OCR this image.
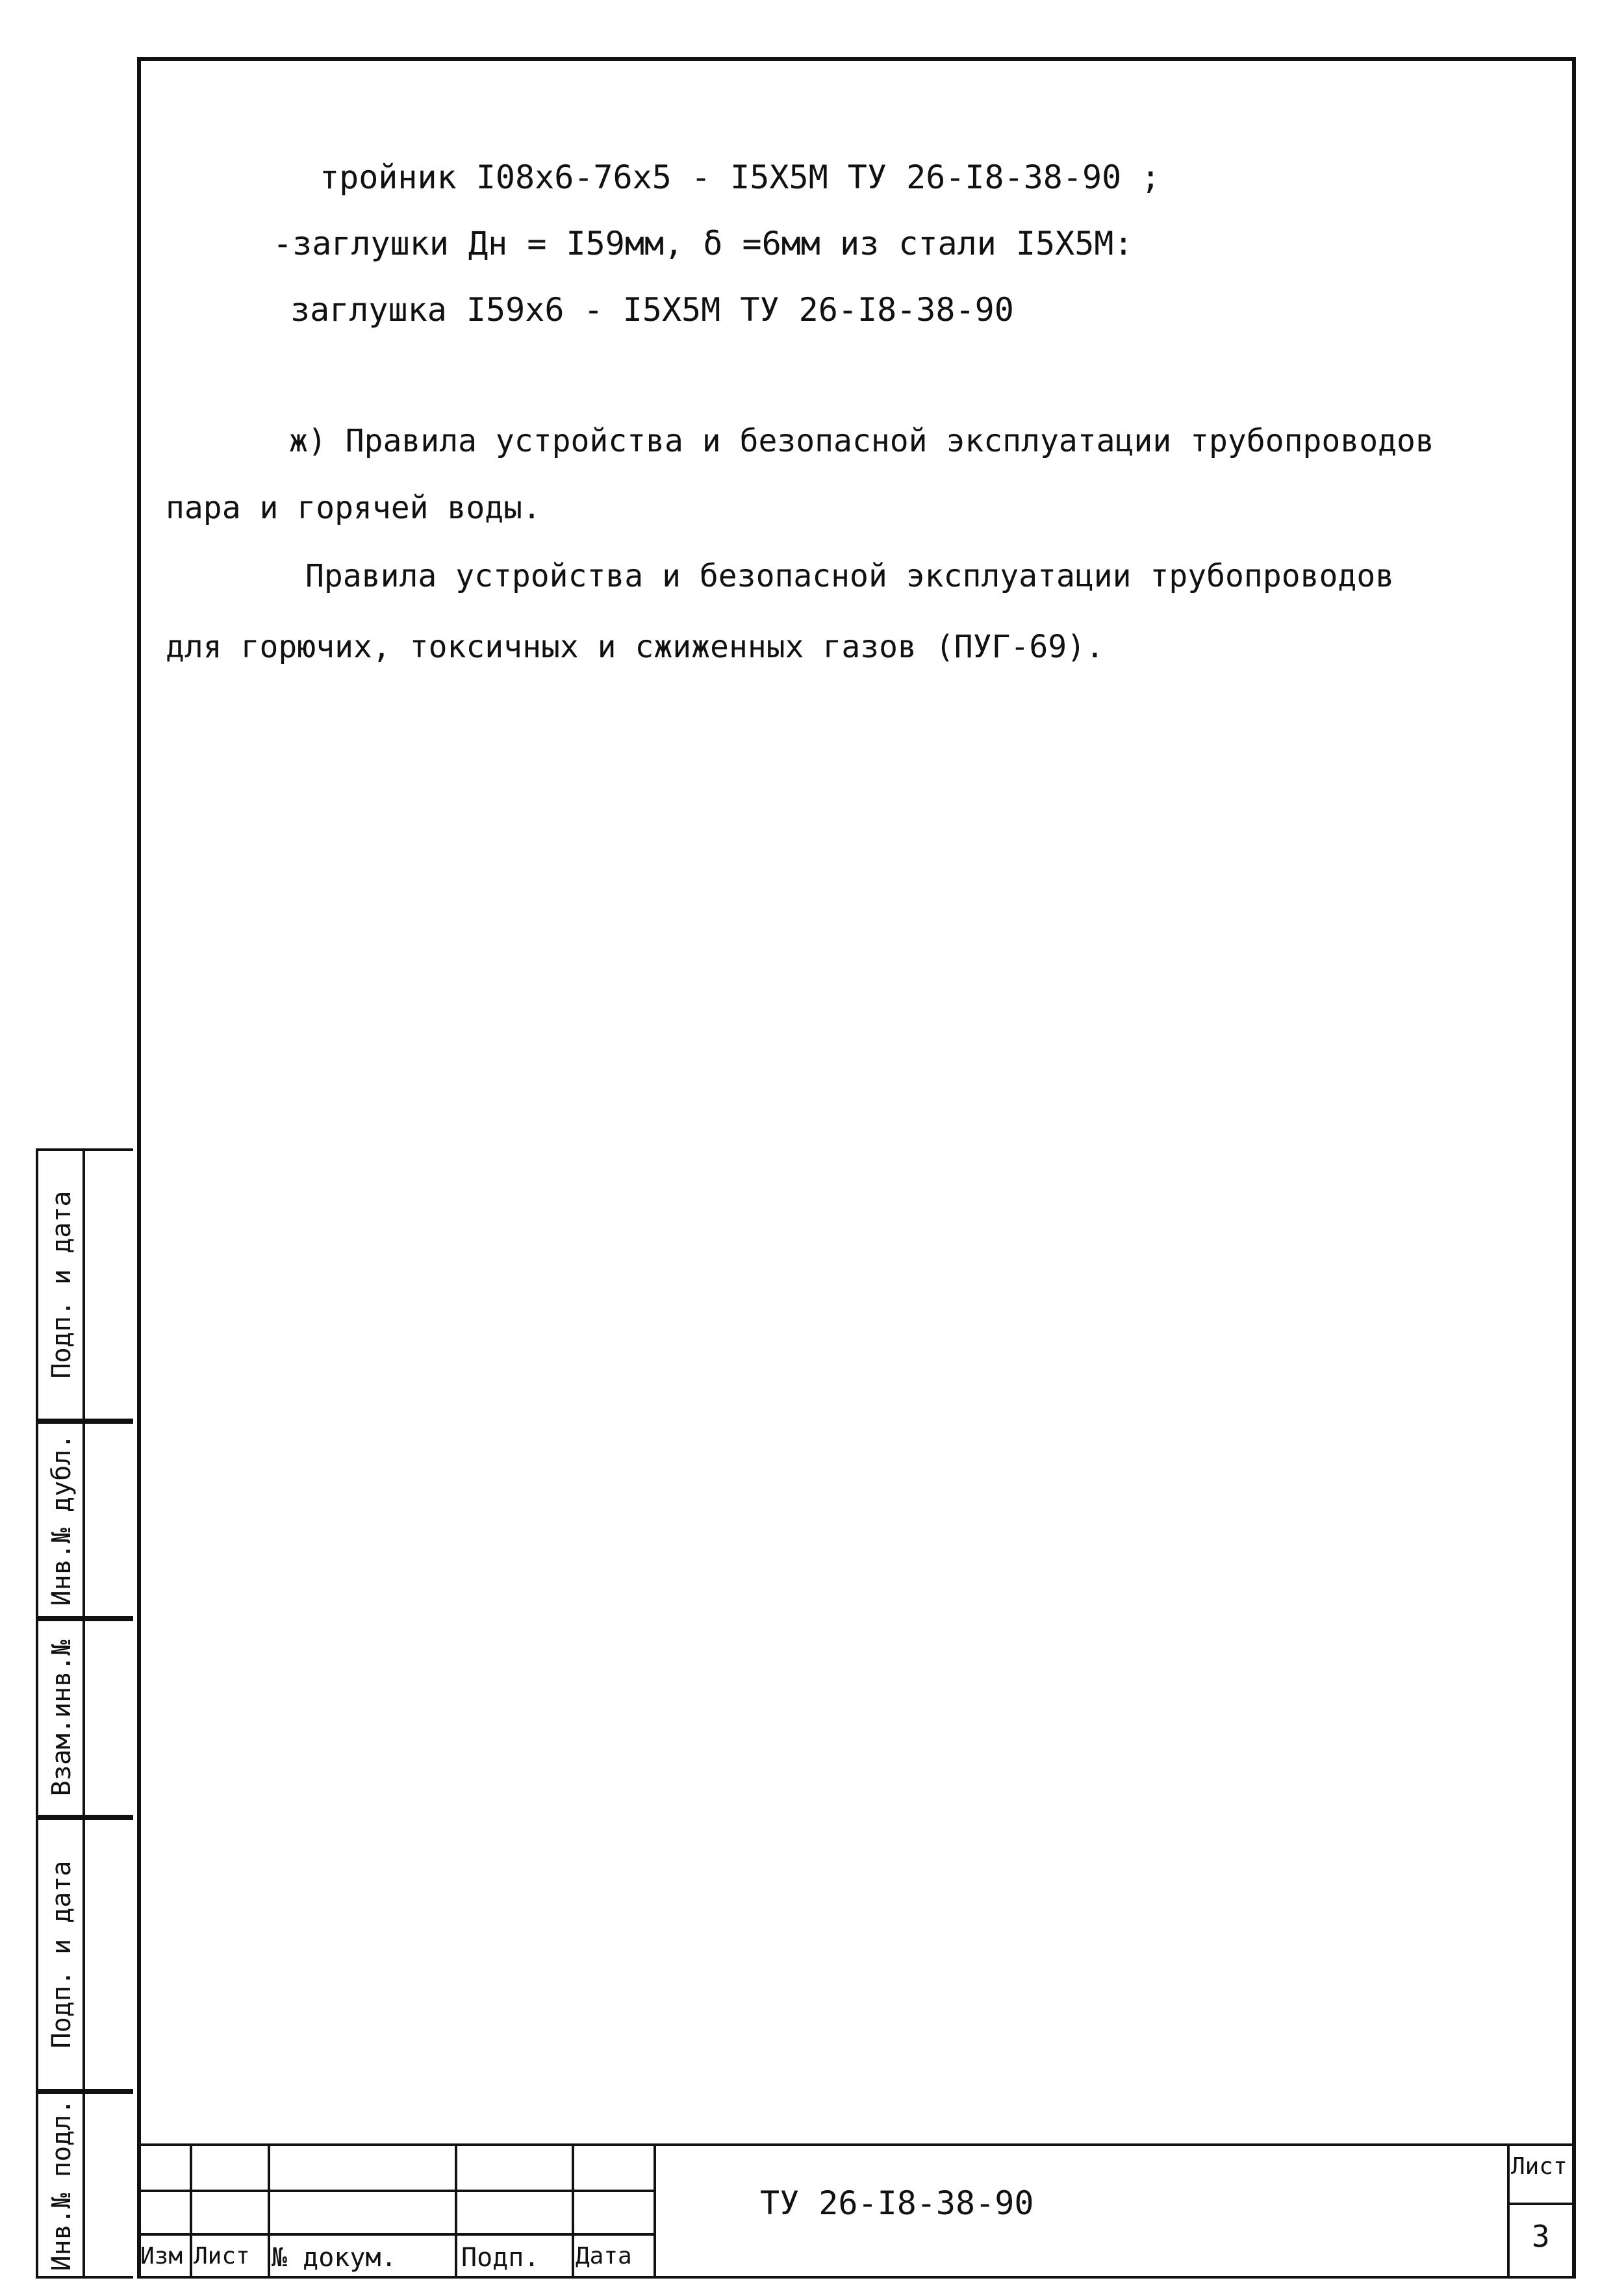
тройник I08х6-76х5 - I5Х5М ТУ 26-I8-38-90 ;
-заглушки Дн = I59мм, δ =6мм из стали I5Х5М:
заглушка I59х6 - I5Х5М ТУ 26-I8-38-90
ж) Правила устройства и безопасной эксплуатации трубопроводов
пара и горячей воды.
Правила устройства и безопасной эксплуатации трубопроводов
для горючих, токсичных и сжиженных газов (ПУГ-69).
Подп. и дата
Инв.№ дубл.
Взам.инв.№
Подп. и дата
Инв.№ подл.	Изм Лист № докум. Подп. Дата
ТУ 26-I8-38-90
Лист
3
